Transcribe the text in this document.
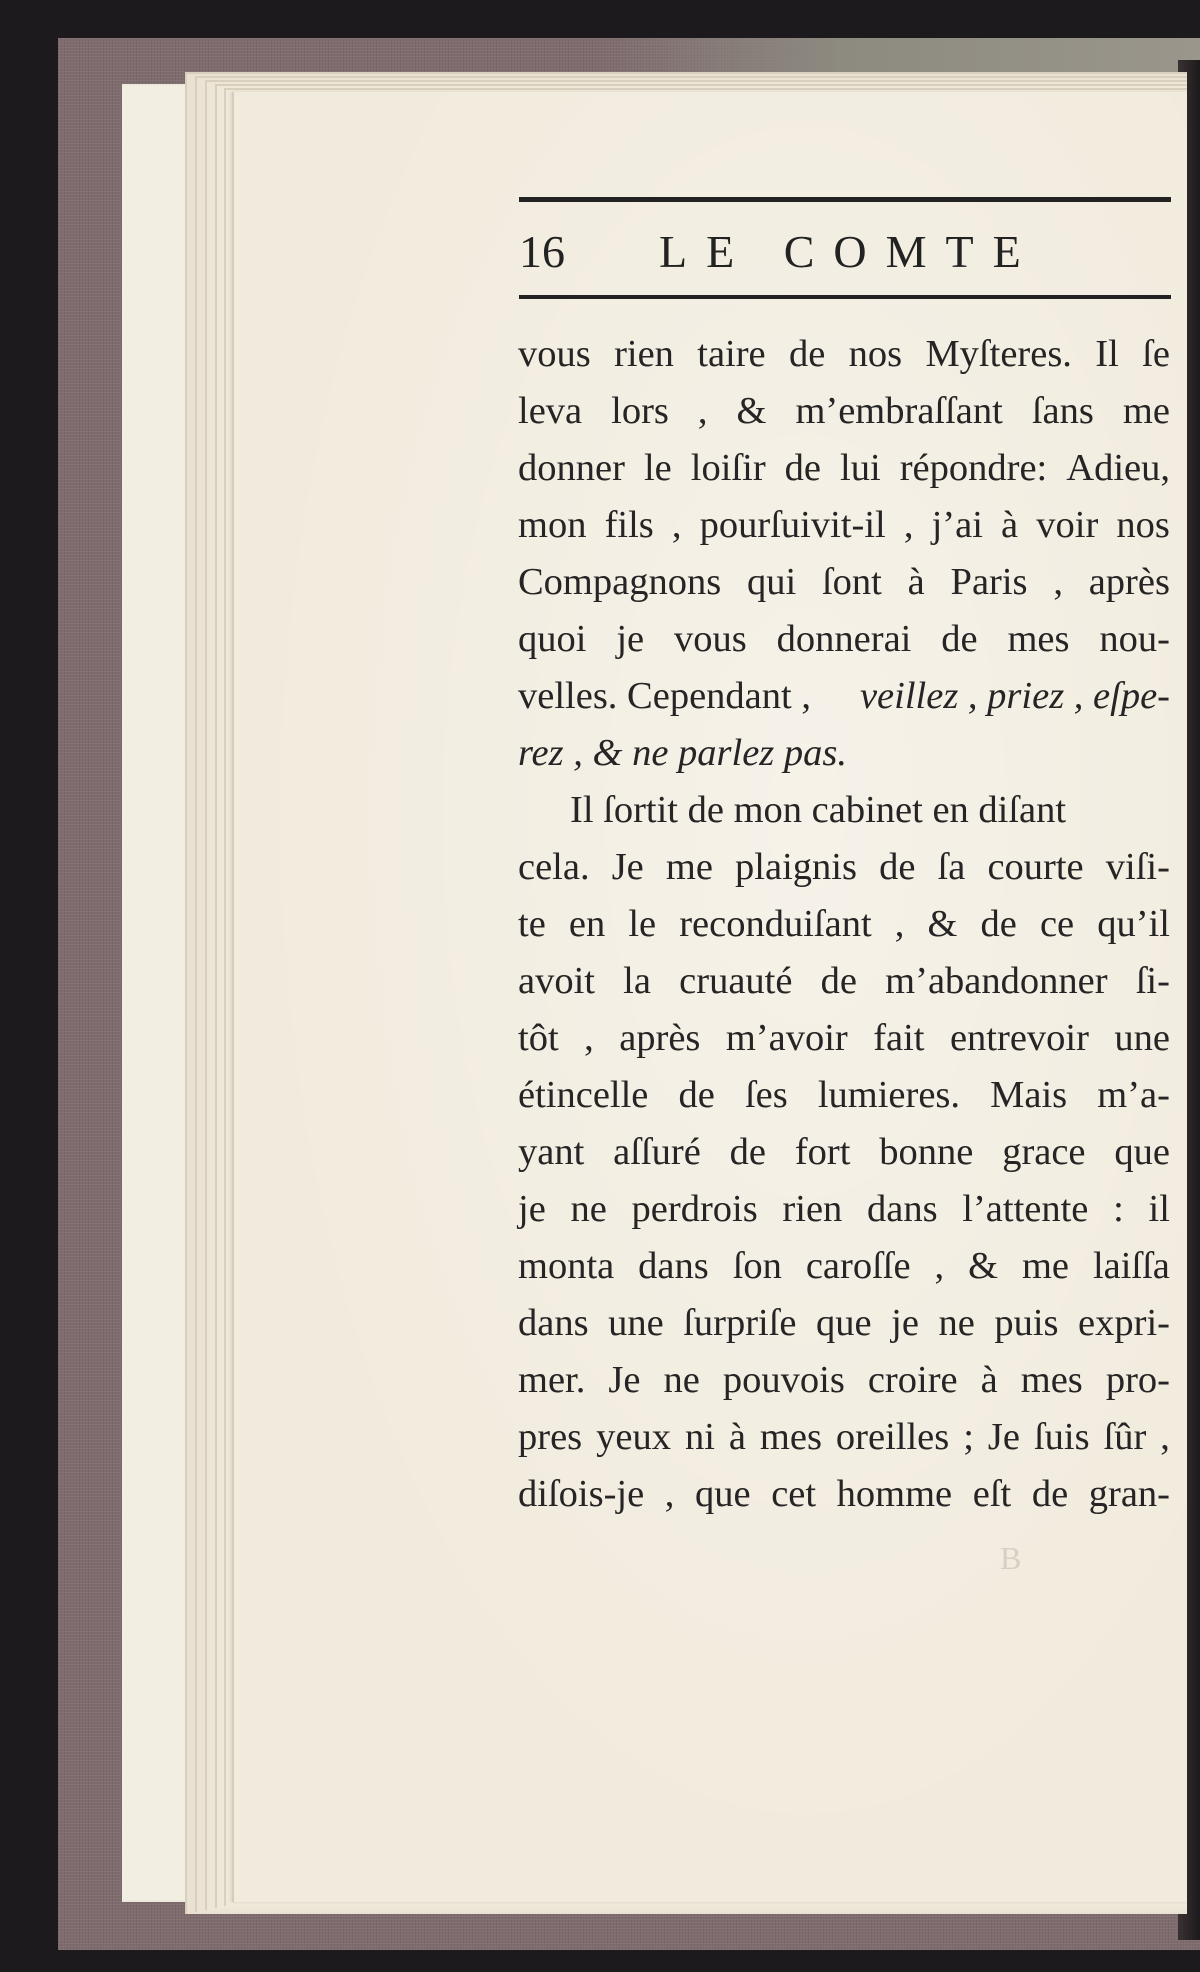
16 LE COMTE
vous rien taire de nos Myſteres. Il ſe
leva lors , & m’embraſſant ſans me
donner le loiſir de lui répondre: Adieu,
mon fils , pourſuivit-il , j’ai à voir nos
Compagnons qui ſont à Paris , après
quoi je vous donnerai de mes nou-
velles. Cependant , veillez , priez , eſpe-
rez , & ne parlez pas.
Il ſortit de mon cabinet en diſant
cela. Je me plaignis de ſa courte viſi-
te en le reconduiſant , & de ce qu’il
avoit la cruauté de m’abandonner ſi-
tôt , après m’avoir fait entrevoir une
étincelle de ſes lumieres. Mais m’a-
yant aſſuré de fort bonne grace que
je ne perdrois rien dans l’attente : il
monta dans ſon caroſſe , & me laiſſa
dans une ſurpriſe que je ne puis expri-
mer. Je ne pouvois croire à mes pro-
pres yeux ni à mes oreilles ; Je ſuis ſûr ,
diſois-je , que cet homme eſt de gran-
B
